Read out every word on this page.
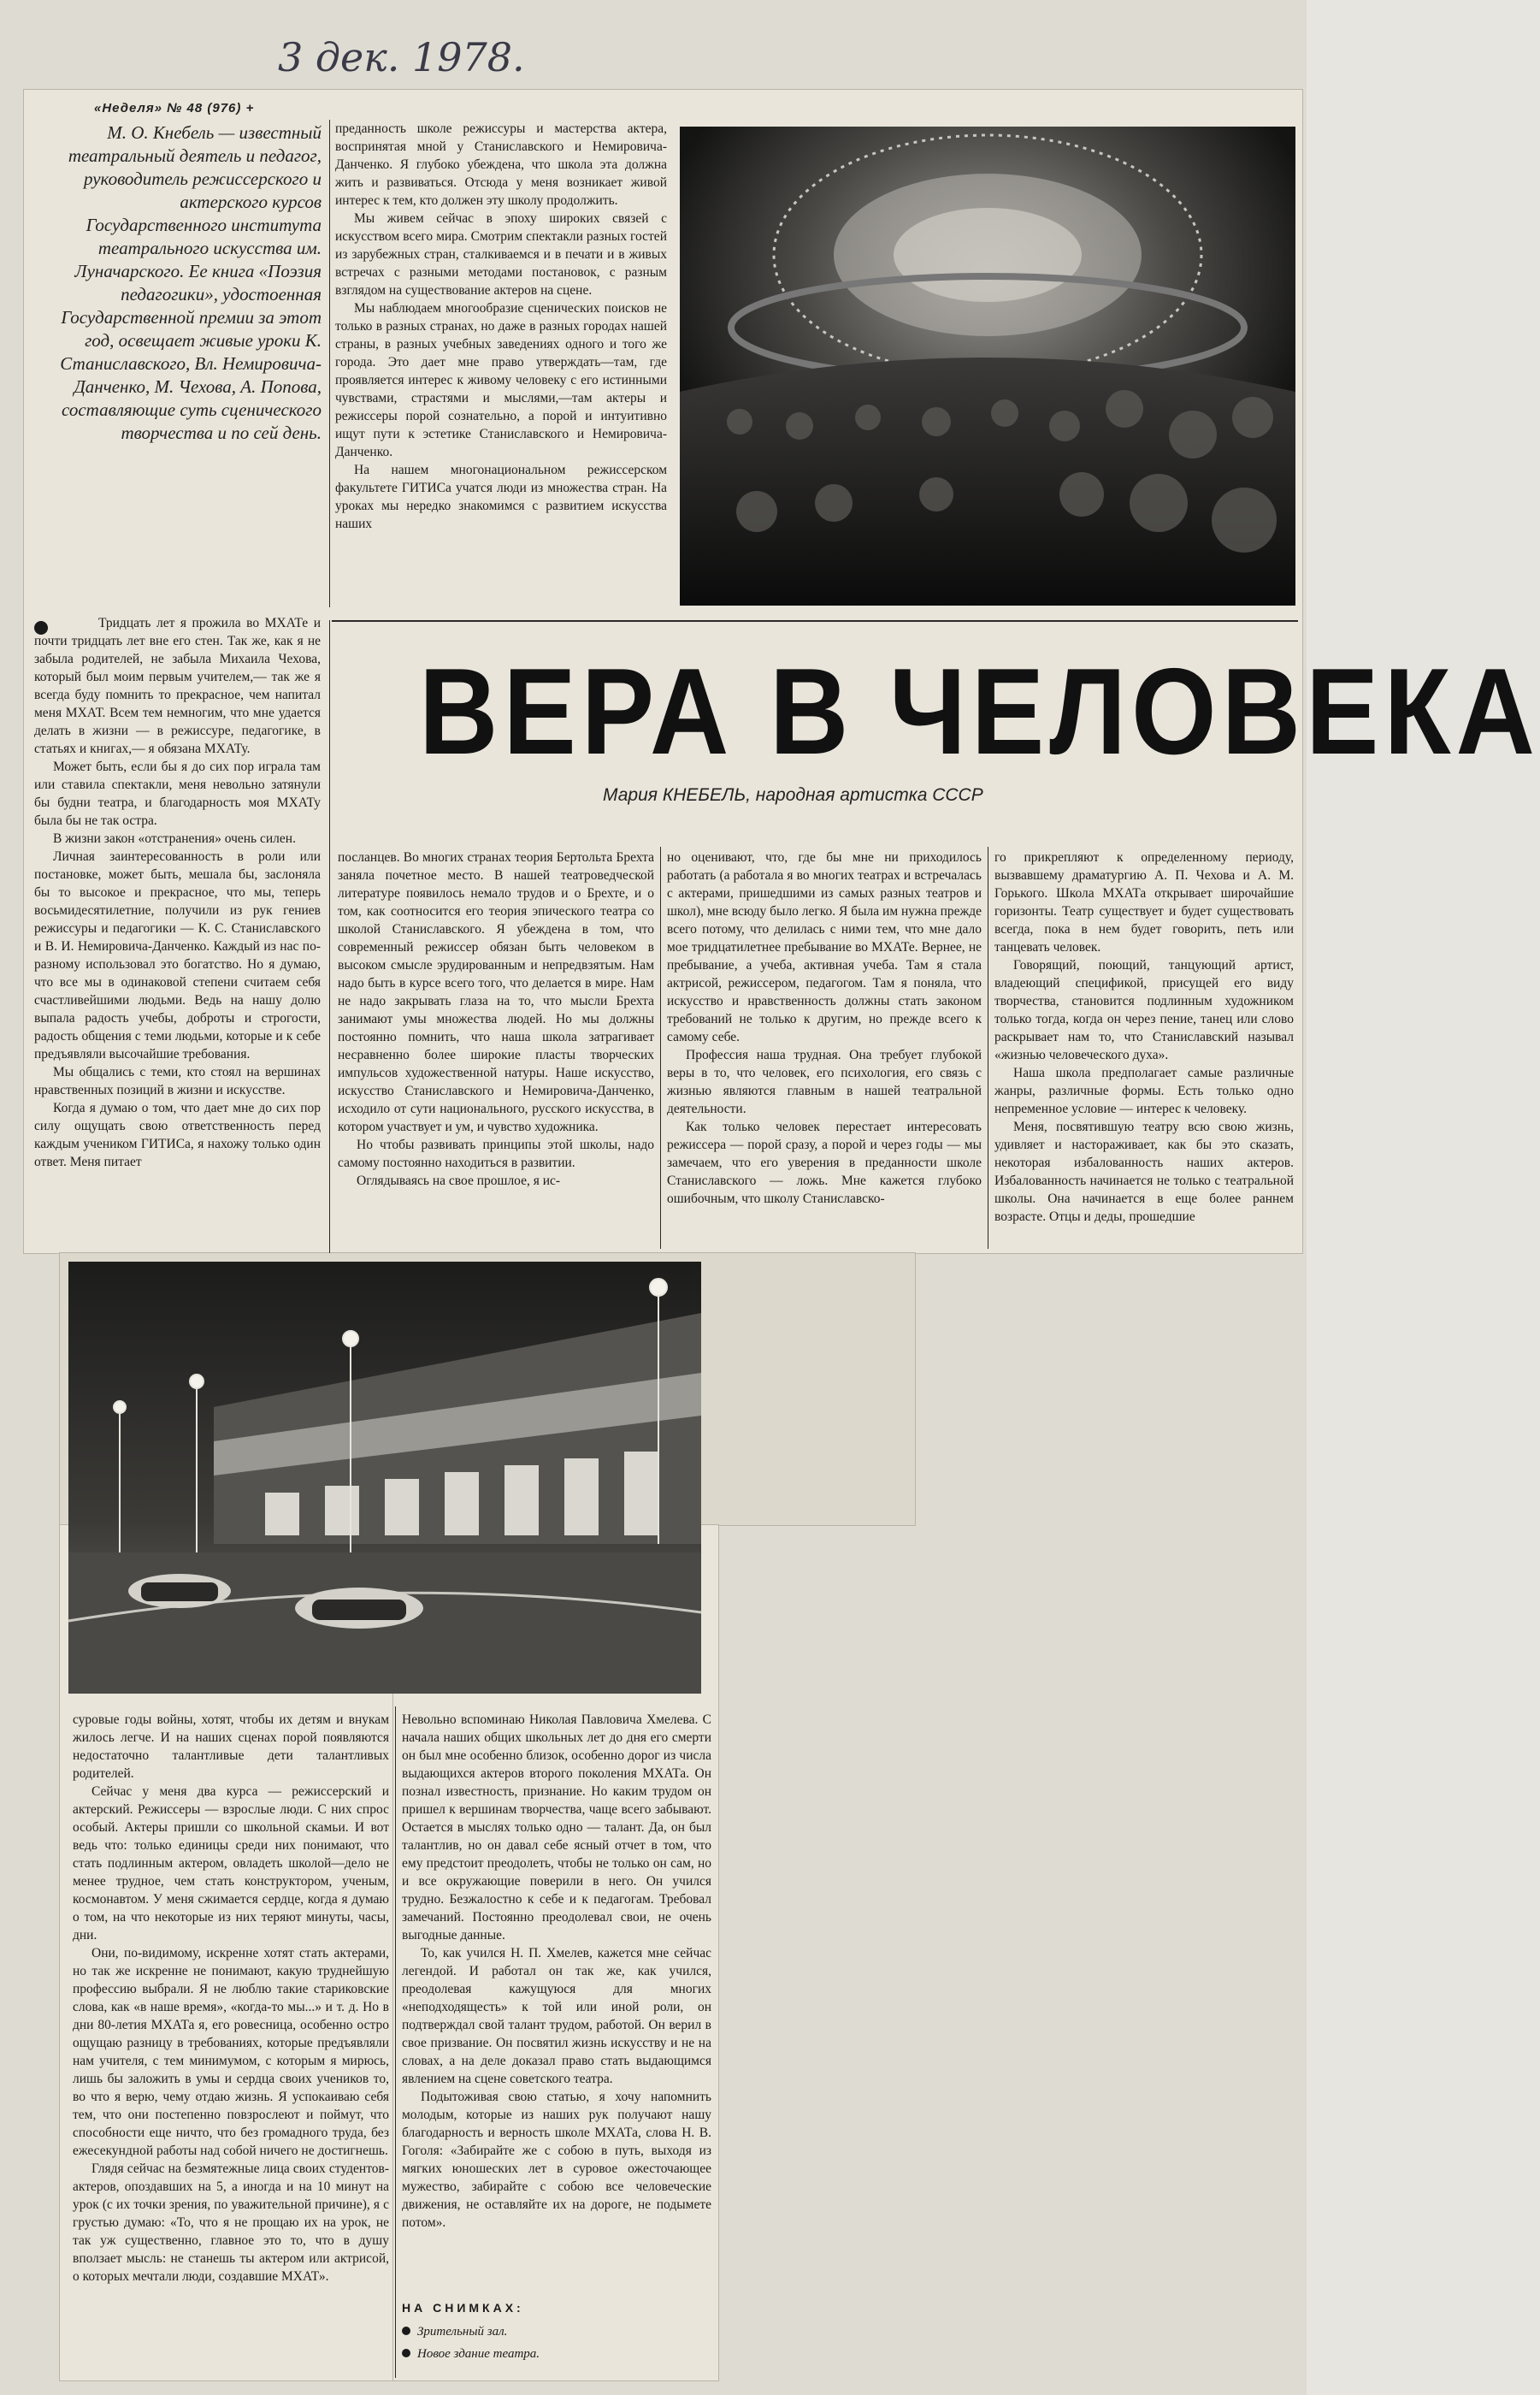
3 дек. 1978.
«Неделя» № 48 (976) +
М. О. Кнебель — известный театральный деятель и педагог, руководитель режиссерского и актерского курсов Государственного института театрального искусства им. Луначарского. Ее книга «Поэзия педагогики», удостоенная Государственной премии за этот год, освещает живые уроки К. Станиславского, Вл. Немировича-Данченко, М. Чехова, А. Попова, составляющие суть сценического творчества и по сей день.

преданность школе режиссуры и мастерства актера, воспринятая мной у Станиславского и Немировича-Данченко. Я глубоко убеждена, что школа эта должна жить и развиваться. Отсюда у меня возникает живой интерес к тем, кто должен эту школу продолжить.

Мы живем сейчас в эпоху широких связей с искусством всего мира. Смотрим спектакли разных гостей из зарубежных стран, сталкиваемся и в печати и в живых встречах с разными методами постановок, с разным взглядом на существование актеров на сцене.

Мы наблюдаем многообразие сценических поисков не только в разных странах, но даже в разных городах нашей страны, в разных учебных заведениях одного и того же города. Это дает мне право утверждать—там, где проявляется интерес к живому человеку с его истинными чувствами, страстями и мыслями,—там актеры и режиссеры порой сознательно, а порой и интуитивно ищут пути к эстетике Станиславского и Немировича-Данченко.

На нашем многонациональном режиссерском факультете ГИТИСа учатся люди из множества стран. На уроках мы нередко знакомимся с развитием искусства наших

ВЕРА В ЧЕЛОВЕКА
Мария КНЕБЕЛЬ, народная артистка СССР

Тридцать лет я прожила во МХАТе и почти тридцать лет вне его стен. Так же, как я не забыла родителей, не забыла Михаила Чехова, который был моим первым учителем,— так же я всегда буду помнить то прекрасное, чем напитал меня МХАТ. Всем тем немногим, что мне удается делать в жизни — в режиссуре, педагогике, в статьях и книгах,— я обязана МХАТу.

Может быть, если бы я до сих пор играла там или ставила спектакли, меня невольно затянули бы будни театра, и благодарность моя МХАТу была бы не так остра.

В жизни закон «отстранения» очень силен.

Личная заинтересованность в роли или постановке, может быть, мешала бы, заслоняла бы то высокое и прекрасное, что мы, теперь восьмидесятилетние, получили из рук гениев режиссуры и педагогики — К. С. Станиславского и В. И. Немировича-Данченко. Каждый из нас по-разному использовал это богатство. Но я думаю, что все мы в одинаковой степени считаем себя счастливейшими людьми. Ведь на нашу долю выпала радость учебы, доброты и строгости, радость общения с теми людьми, которые и к себе предъявляли высочайшие требования.

Мы общались с теми, кто стоял на вершинах нравственных позиций в жизни и искусстве.

Когда я думаю о том, что дает мне до сих пор силу ощущать свою ответственность перед каждым учеником ГИТИСа, я нахожу только один ответ. Меня питает

посланцев. Во многих странах теория Бертольта Брехта заняла почетное место. В нашей театроведческой литературе появилось немало трудов и о Брехте, и о том, как соотносится его теория эпического театра со школой Станиславского. Я убеждена в том, что современный режиссер обязан быть человеком в высоком смысле эрудированным и непредвзятым. Нам надо быть в курсе всего того, что делается в мире. Нам не надо закрывать глаза на то, что мысли Брехта занимают умы множества людей. Но мы должны постоянно помнить, что наша школа затрагивает несравненно более широкие пласты творческих импульсов художественной натуры. Наше искусство, искусство Станиславского и Немировича-Данченко, исходило от сути национального, русского искусства, в котором участвует и ум, и чувство художника.

Но чтобы развивать принципы этой школы, надо самому постоянно находиться в развитии.

Оглядываясь на свое прошлое, я ис-

но оценивают, что, где бы мне ни приходилось работать (а работала я во многих театрах и встречалась с актерами, пришедшими из самых разных театров и школ), мне всюду было легко. Я была им нужна прежде всего потому, что делилась с ними тем, что мне дало мое тридцатилетнее пребывание во МХАТе. Вернее, не пребывание, а учеба, активная учеба. Там я стала актрисой, режиссером, педагогом. Там я поняла, что искусство и нравственность должны стать законом требований не только к другим, но прежде всего к самому себе.

Профессия наша трудная. Она требует глубокой веры в то, что человек, его психология, его связь с жизнью являются главным в нашей театральной деятельности.

Как только человек перестает интересовать режиссера — порой сразу, а порой и через годы — мы замечаем, что его уверения в преданности школе Станиславского — ложь. Мне кажется глубоко ошибочным, что школу Станиславско-

го прикрепляют к определенному периоду, вызвавшему драматургию А. П. Чехова и А. М. Горького. Школа МХАТа открывает широчайшие горизонты. Театр существует и будет существовать всегда, пока в нем будет говорить, петь или танцевать человек.

Говорящий, поющий, танцующий артист, владеющий спецификой, присущей его виду творчества, становится подлинным художником только тогда, когда он через пение, танец или слово раскрывает нам то, что Станиславский называл «жизнью человеческого духа».

Наша школа предполагает самые различные жанры, различные формы. Есть только одно непременное условие — интерес к человеку.

Меня, посвятившую театру всю свою жизнь, удивляет и настораживает, как бы это сказать, некоторая избалованность наших актеров. Избалованность начинается не только с театральной школы. Она начинается в еще более раннем возрасте. Отцы и деды, прошедшие

суровые годы войны, хотят, чтобы их детям и внукам жилось легче. И на наших сценах порой появляются недостаточно талантливые дети талантливых родителей.

Сейчас у меня два курса — режиссерский и актерский. Режиссеры — взрослые люди. С них спрос особый. Актеры пришли со школьной скамьи. И вот ведь что: только единицы среди них понимают, что стать подлинным актером, овладеть школой—дело не менее трудное, чем стать конструктором, ученым, космонавтом. У меня сжимается сердце, когда я думаю о том, на что некоторые из них теряют минуты, часы, дни.

Они, по-видимому, искренне хотят стать актерами, но так же искренне не понимают, какую труднейшую профессию выбрали. Я не люблю такие стариковские слова, как «в наше время», «когда-то мы...» и т. д. Но в дни 80-летия МХАТа я, его ровесница, особенно остро ощущаю разницу в требованиях, которые предъявляли нам учителя, с тем минимумом, с которым я мирюсь, лишь бы заложить в умы и сердца своих учеников то, во что я верю, чему отдаю жизнь. Я успокаиваю себя тем, что они постепенно повзрослеют и поймут, что способности еще ничто, что без громадного труда, без ежесекундной работы над собой ничего не достигнешь.

Глядя сейчас на безмятежные лица своих студентов-актеров, опоздавших на 5, а иногда и на 10 минут на урок (с их точки зрения, по уважительной причине), я с грустью думаю: «То, что я не прощаю их на урок, не так уж существенно, главное это то, что в душу вползает мысль: не станешь ты актером или актрисой, о которых мечтали люди, создавшие МХАТ».

Невольно вспоминаю Николая Павловича Хмелева. С начала наших общих школьных лет до дня его смерти он был мне особенно близок, особенно дорог из числа выдающихся актеров второго поколения МХАТа. Он познал известность, признание. Но каким трудом он пришел к вершинам творчества, чаще всего забывают. Остается в мыслях только одно — талант. Да, он был талантлив, но он давал себе ясный отчет в том, что ему предстоит преодолеть, чтобы не только он сам, но и все окружающие поверили в него. Он учился трудно. Безжалостно к себе и к педагогам. Требовал замечаний. Постоянно преодолевал свои, не очень выгодные данные.

То, как учился Н. П. Хмелев, кажется мне сейчас легендой. И работал он так же, как учился, преодолевая кажущуюся для многих «неподходящесть» к той или иной роли, он подтверждал свой талант трудом, работой. Он верил в свое призвание. Он посвятил жизнь искусству и не на словах, а на деле доказал право стать выдающимся явлением на сцене советского театра.

Подытоживая свою статью, я хочу напомнить молодым, которые из наших рук получают нашу благодарность и верность школе МХАТа, слова Н. В. Гоголя: «Забирайте же с собою в путь, выходя из мягких юношеских лет в суровое ожесточающее мужество, забирайте с собою все человеческие движения, не оставляйте их на дороге, не подымете потом».

НА СНИМКАХ:
Зрительный зал.
Новое здание театра.
